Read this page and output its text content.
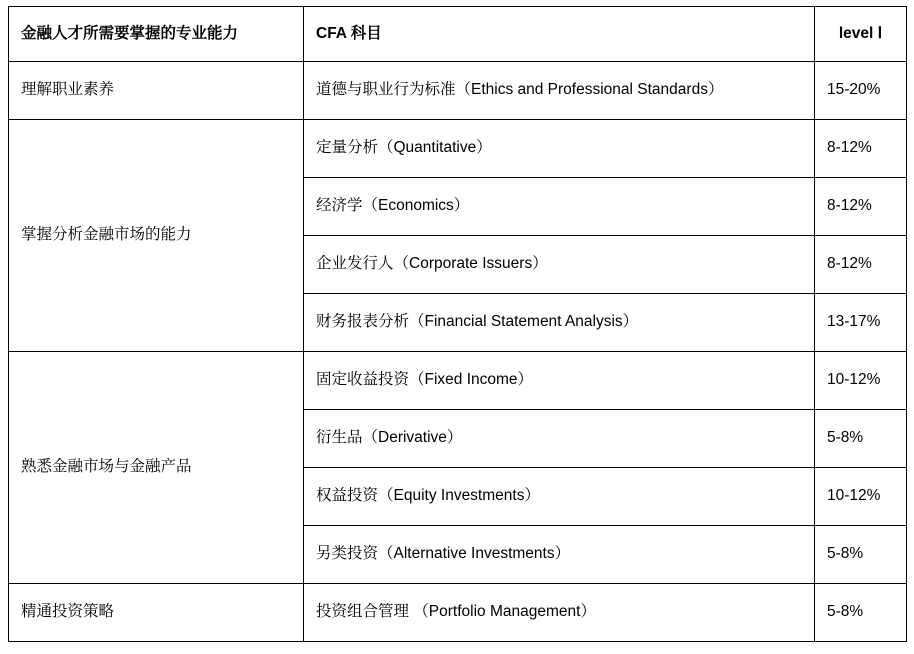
金融人才所需要掌握的专业能力	CFA 科目	level Ⅰ
理解职业素养	道德与职业行为标准（Ethics and Professional Standards）	15-20%
掌握分析金融市场的能力	定量分析（Quantitative）	8-12%
	经济学（Economics）	8-12%
	企业发行人（Corporate Issuers）	8-12%
	财务报表分析（Financial Statement Analysis）	13-17%
熟悉金融市场与金融产品	固定收益投资（Fixed Income）	10-12%
	衍生品（Derivative）	5-8%
	权益投资（Equity Investments）	10-12%
	另类投资（Alternative Investments）	5-8%
精通投资策略	投资组合管理 （Portfolio Management）	5-8%
